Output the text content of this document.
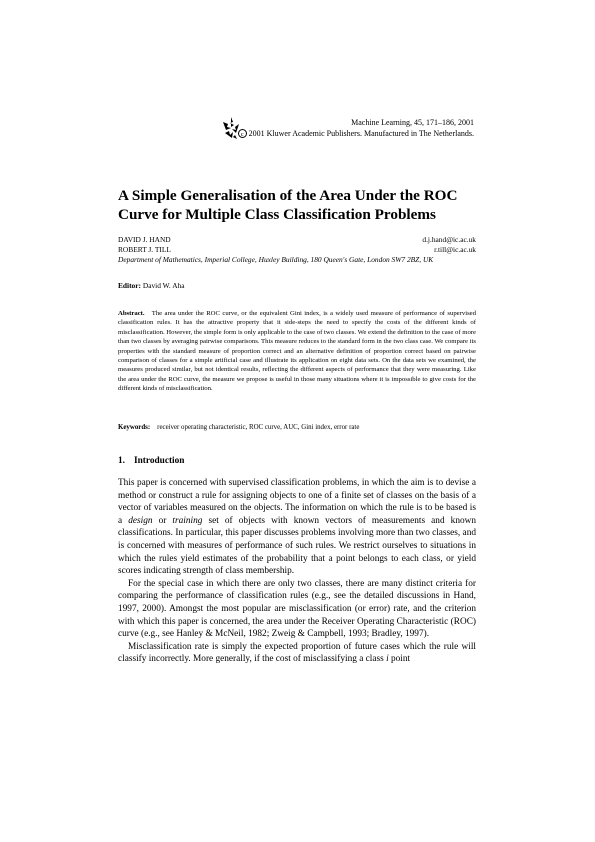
Machine Learning, 45, 171–186, 2001
c 2001 Kluwer Academic Publishers. Manufactured in The Netherlands.
A Simple Generalisation of the Area Under the ROC Curve for Multiple Class Classification Problems
DAVID J. HAND	d.j.hand@ic.ac.uk
ROBERT J. TILL	r.till@ic.ac.uk
Department of Mathematics, Imperial College, Huxley Building, 180 Queen's Gate, London SW7 2BZ, UK
Editor: David W. Aha
Abstract. The area under the ROC curve, or the equivalent Gini index, is a widely used measure of performance of supervised classification rules. It has the attractive property that it side-steps the need to specify the costs of the different kinds of misclassification. However, the simple form is only applicable to the case of two classes. We extend the definition to the case of more than two classes by averaging pairwise comparisons. This measure reduces to the standard form in the two class case. We compare its properties with the standard measure of proportion correct and an alternative definition of proportion correct based on pairwise comparison of classes for a simple artificial case and illustrate its application on eight data sets. On the data sets we examined, the measures produced similar, but not identical results, reflecting the different aspects of performance that they were measuring. Like the area under the ROC curve, the measure we propose is useful in those many situations where it is impossible to give costs for the different kinds of misclassification.
Keywords: receiver operating characteristic, ROC curve, AUC, Gini index, error rate
1. Introduction

This paper is concerned with supervised classification problems, in which the aim is to devise a method or construct a rule for assigning objects to one of a finite set of classes on the basis of a vector of variables measured on the objects. The information on which the rule is to be based is a design or training set of objects with known vectors of measurements and known classifications. In particular, this paper discusses problems involving more than two classes, and is concerned with measures of performance of such rules. We restrict ourselves to situations in which the rules yield estimates of the probability that a point belongs to each class, or yield scores indicating strength of class membership.

For the special case in which there are only two classes, there are many distinct criteria for comparing the performance of classification rules (e.g., see the detailed discussions in Hand, 1997, 2000). Amongst the most popular are misclassification (or error) rate, and the criterion with which this paper is concerned, the area under the Receiver Operating Characteristic (ROC) curve (e.g., see Hanley & McNeil, 1982; Zweig & Campbell, 1993; Bradley, 1997).

Misclassification rate is simply the expected proportion of future cases which the rule will classify incorrectly. More generally, if the cost of misclassifying a class i point
